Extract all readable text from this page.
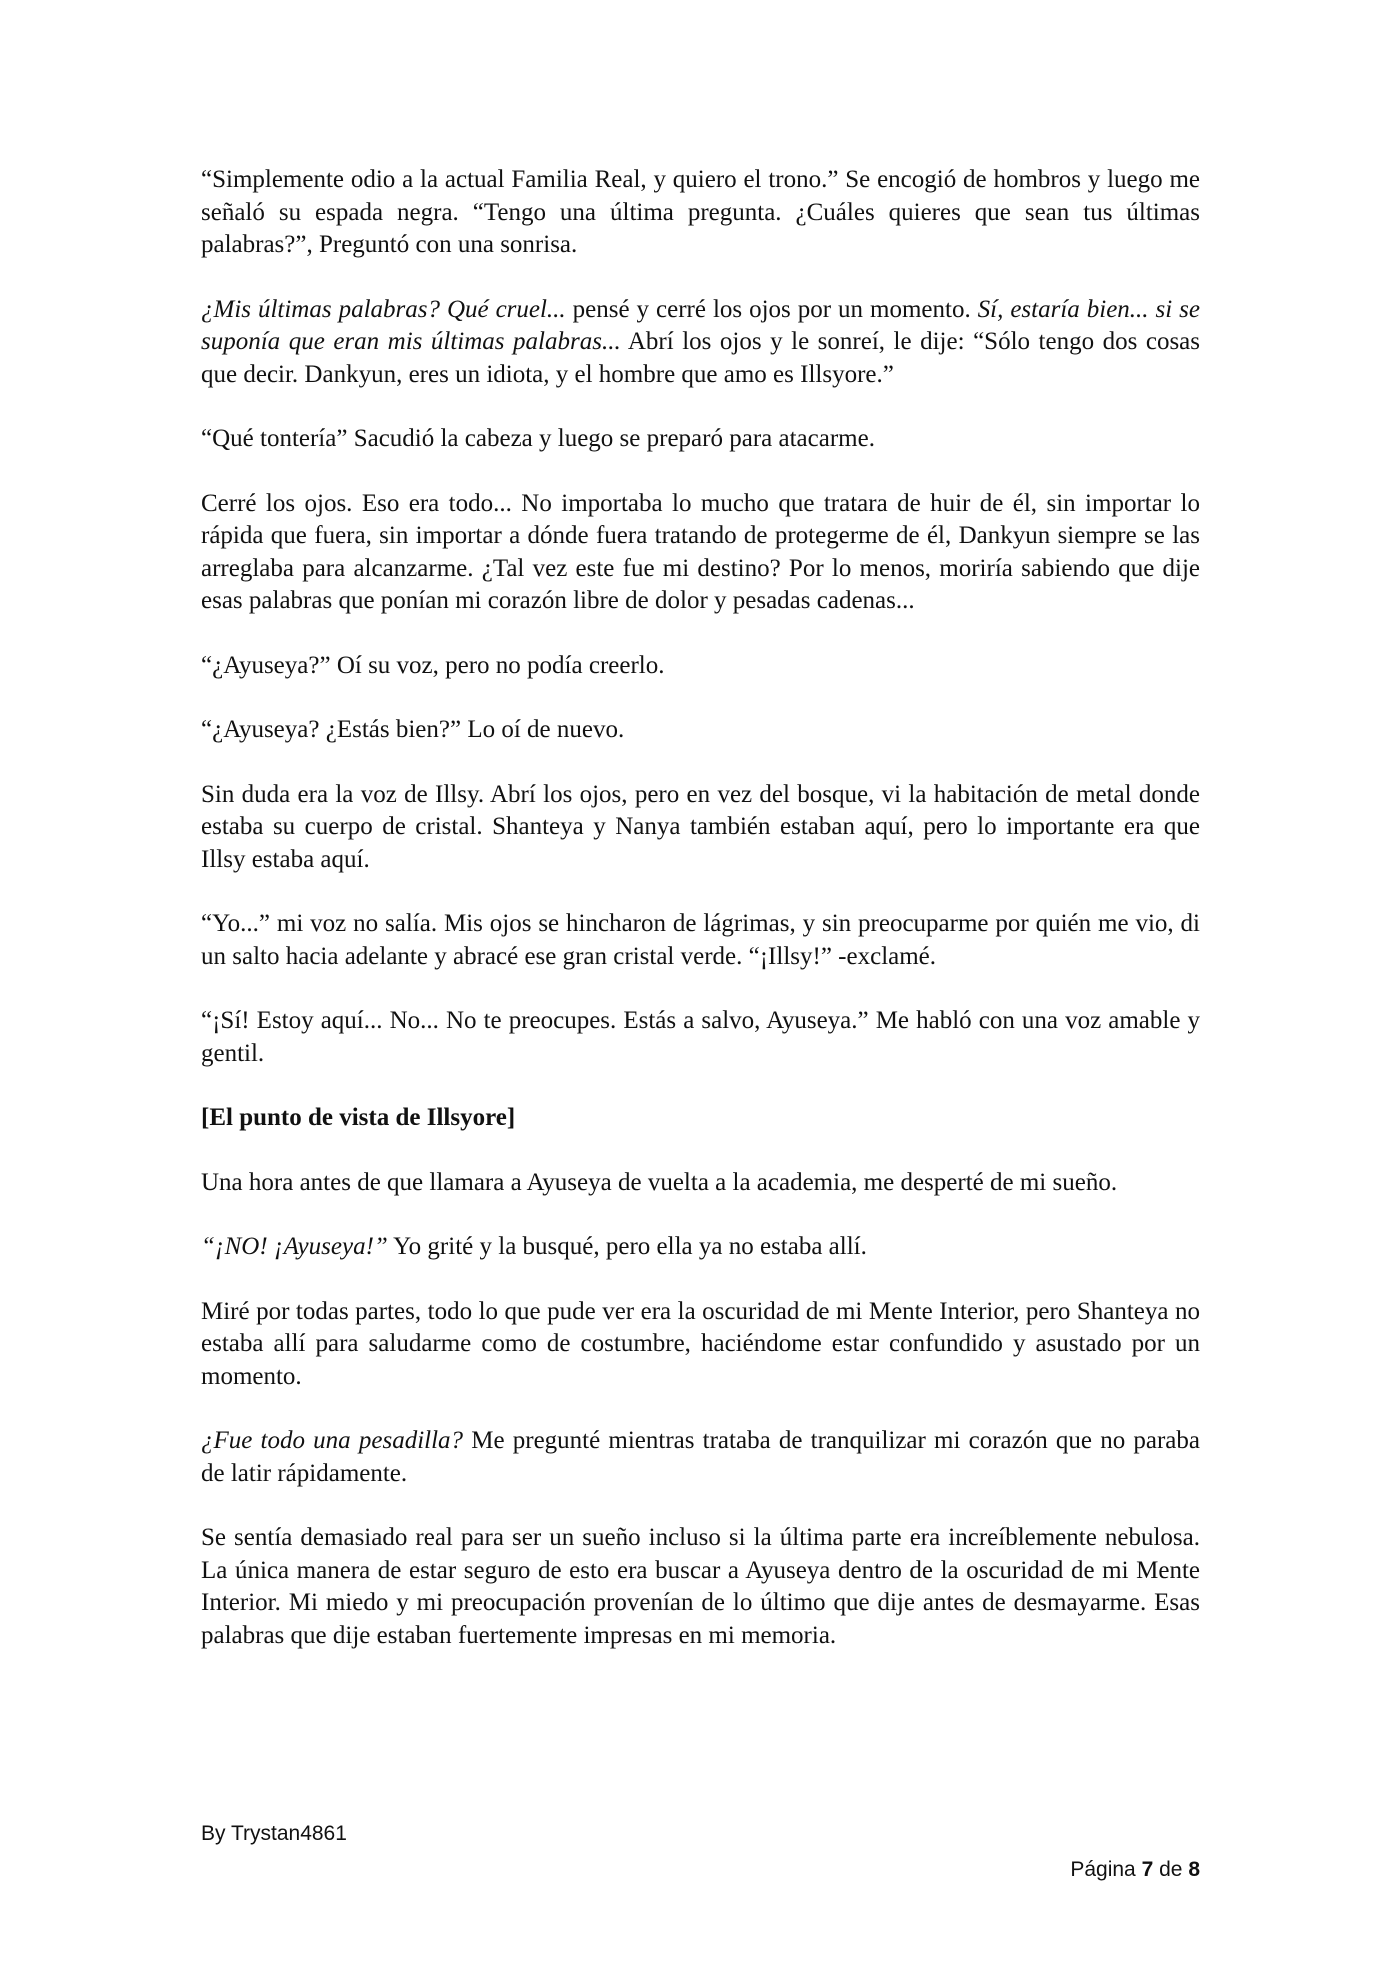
“Simplemente odio a la actual Familia Real, y quiero el trono.” Se encogió de hombros y luego me señaló su espada negra. “Tengo una última pregunta. ¿Cuáles quieres que sean tus últimas palabras?”, Preguntó con una sonrisa.

¿Mis últimas palabras? Qué cruel... pensé y cerré los ojos por un momento. Sí, estaría bien... si se suponía que eran mis últimas palabras... Abrí los ojos y le sonreí, le dije: “Sólo tengo dos cosas que decir. Dankyun, eres un idiota, y el hombre que amo es Illsyore.”

“Qué tontería” Sacudió la cabeza y luego se preparó para atacarme.

Cerré los ojos. Eso era todo... No importaba lo mucho que tratara de huir de él, sin importar lo rápida que fuera, sin importar a dónde fuera tratando de protegerme de él, Dankyun siempre se las arreglaba para alcanzarme. ¿Tal vez este fue mi destino? Por lo menos, moriría sabiendo que dije esas palabras que ponían mi corazón libre de dolor y pesadas cadenas...

“¿Ayuseya?” Oí su voz, pero no podía creerlo.

“¿Ayuseya? ¿Estás bien?” Lo oí de nuevo.

Sin duda era la voz de Illsy. Abrí los ojos, pero en vez del bosque, vi la habitación de metal donde estaba su cuerpo de cristal. Shanteya y Nanya también estaban aquí, pero lo importante era que Illsy estaba aquí.

“Yo...” mi voz no salía. Mis ojos se hincharon de lágrimas, y sin preocuparme por quién me vio, di un salto hacia adelante y abracé ese gran cristal verde. “¡Illsy!” -exclamé.

“¡Sí! Estoy aquí... No... No te preocupes. Estás a salvo, Ayuseya.” Me habló con una voz amable y gentil.

[El punto de vista de Illsyore]

Una hora antes de que llamara a Ayuseya de vuelta a la academia, me desperté de mi sueño.

“¡NO! ¡Ayuseya!” Yo grité y la busqué, pero ella ya no estaba allí.

Miré por todas partes, todo lo que pude ver era la oscuridad de mi Mente Interior, pero Shanteya no estaba allí para saludarme como de costumbre, haciéndome estar confundido y asustado por un momento.

¿Fue todo una pesadilla? Me pregunté mientras trataba de tranquilizar mi corazón que no paraba de latir rápidamente.

Se sentía demasiado real para ser un sueño incluso si la última parte era increíblemente nebulosa. La única manera de estar seguro de esto era buscar a Ayuseya dentro de la oscuridad de mi Mente Interior. Mi miedo y mi preocupación provenían de lo último que dije antes de desmayarme. Esas palabras que dije estaban fuertemente impresas en mi memoria.

By Trystan4861
Página 7 de 8
